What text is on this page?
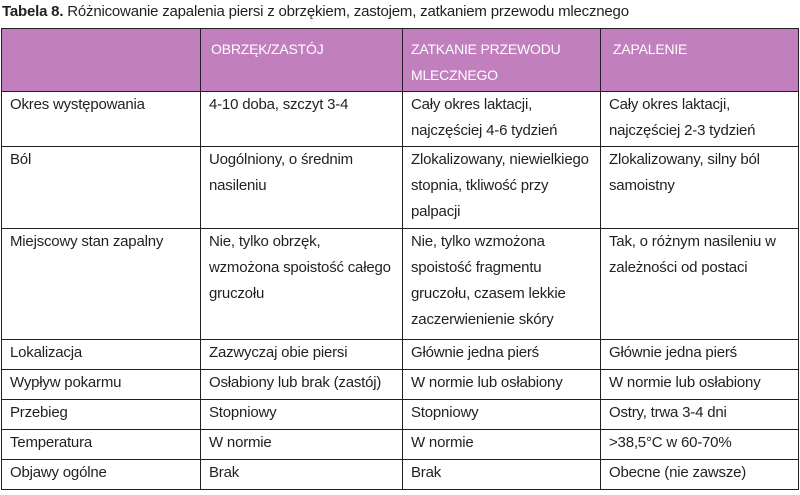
Tabela 8. Różnicowanie zapalenia piersi z obrzękiem, zastojem, zatkaniem przewodu mlecznego
	OBRZĘK/ZASTÓJ	ZATKANIE PRZEWODU MLECZNEGO	ZAPALENIE
Okres występowania	4-10 doba, szczyt 3-4	Cały okres laktacji, najczęściej 4-6 tydzień	Cały okres laktacji, najczęściej 2-3 tydzień
Ból	Uogólniony, o średnim nasileniu	Zlokalizowany, niewielkiego stopnia, tkliwość przy palpacji	Zlokalizowany, silny ból samoistny
Miejscowy stan zapalny	Nie, tylko obrzęk, wzmożona spoistość całego gruczołu	Nie, tylko wzmożona spoistość fragmentu gruczołu, czasem lekkie zaczerwienienie skóry	Tak, o różnym nasileniu w zależności od postaci
Lokalizacja	Zazwyczaj obie piersi	Głównie jedna pierś	Głównie jedna pierś
Wypływ pokarmu	Osłabiony lub brak (zastój)	W normie lub osłabiony	W normie lub osłabiony
Przebieg	Stopniowy	Stopniowy	Ostry, trwa 3-4 dni
Temperatura	W normie	W normie	>38,5°C w 60-70%
Objawy ogólne	Brak	Brak	Obecne (nie zawsze)
